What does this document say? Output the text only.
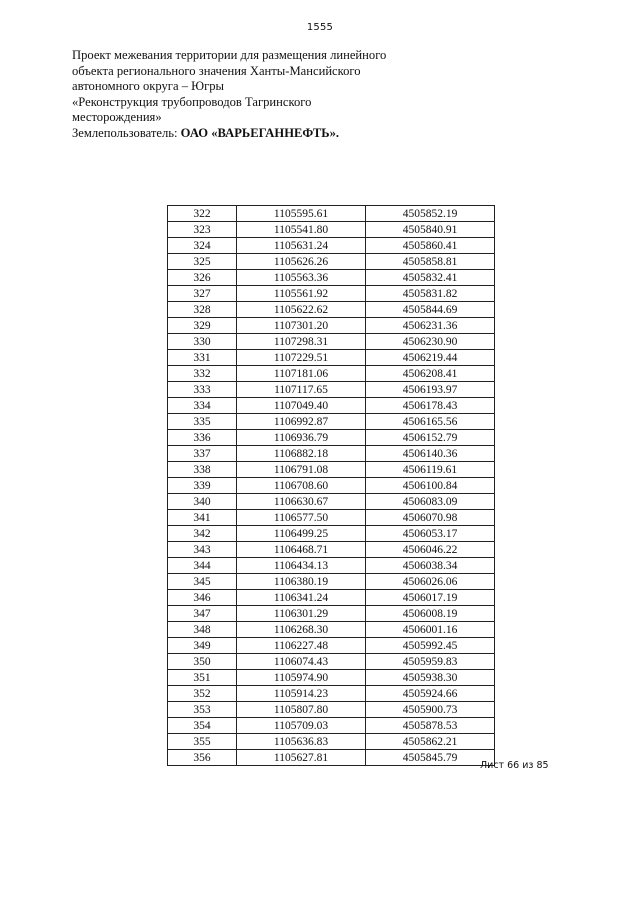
1555
Проект межевания территории для размещения линейного
объекта регионального значения Ханты-Мансийского
автономного округа – Югры
«Реконструкция трубопроводов Тагринского
месторождения»
Землепользователь: ОАО «ВАРЬЕГАННЕФТЬ».
322	1105595.61	4505852.19
323	1105541.80	4505840.91
324	1105631.24	4505860.41
325	1105626.26	4505858.81
326	1105563.36	4505832.41
327	1105561.92	4505831.82
328	1105622.62	4505844.69
329	1107301.20	4506231.36
330	1107298.31	4506230.90
331	1107229.51	4506219.44
332	1107181.06	4506208.41
333	1107117.65	4506193.97
334	1107049.40	4506178.43
335	1106992.87	4506165.56
336	1106936.79	4506152.79
337	1106882.18	4506140.36
338	1106791.08	4506119.61
339	1106708.60	4506100.84
340	1106630.67	4506083.09
341	1106577.50	4506070.98
342	1106499.25	4506053.17
343	1106468.71	4506046.22
344	1106434.13	4506038.34
345	1106380.19	4506026.06
346	1106341.24	4506017.19
347	1106301.29	4506008.19
348	1106268.30	4506001.16
349	1106227.48	4505992.45
350	1106074.43	4505959.83
351	1105974.90	4505938.30
352	1105914.23	4505924.66
353	1105807.80	4505900.73
354	1105709.03	4505878.53
355	1105636.83	4505862.21
356	1105627.81	4505845.79
Лист 66 из 85
